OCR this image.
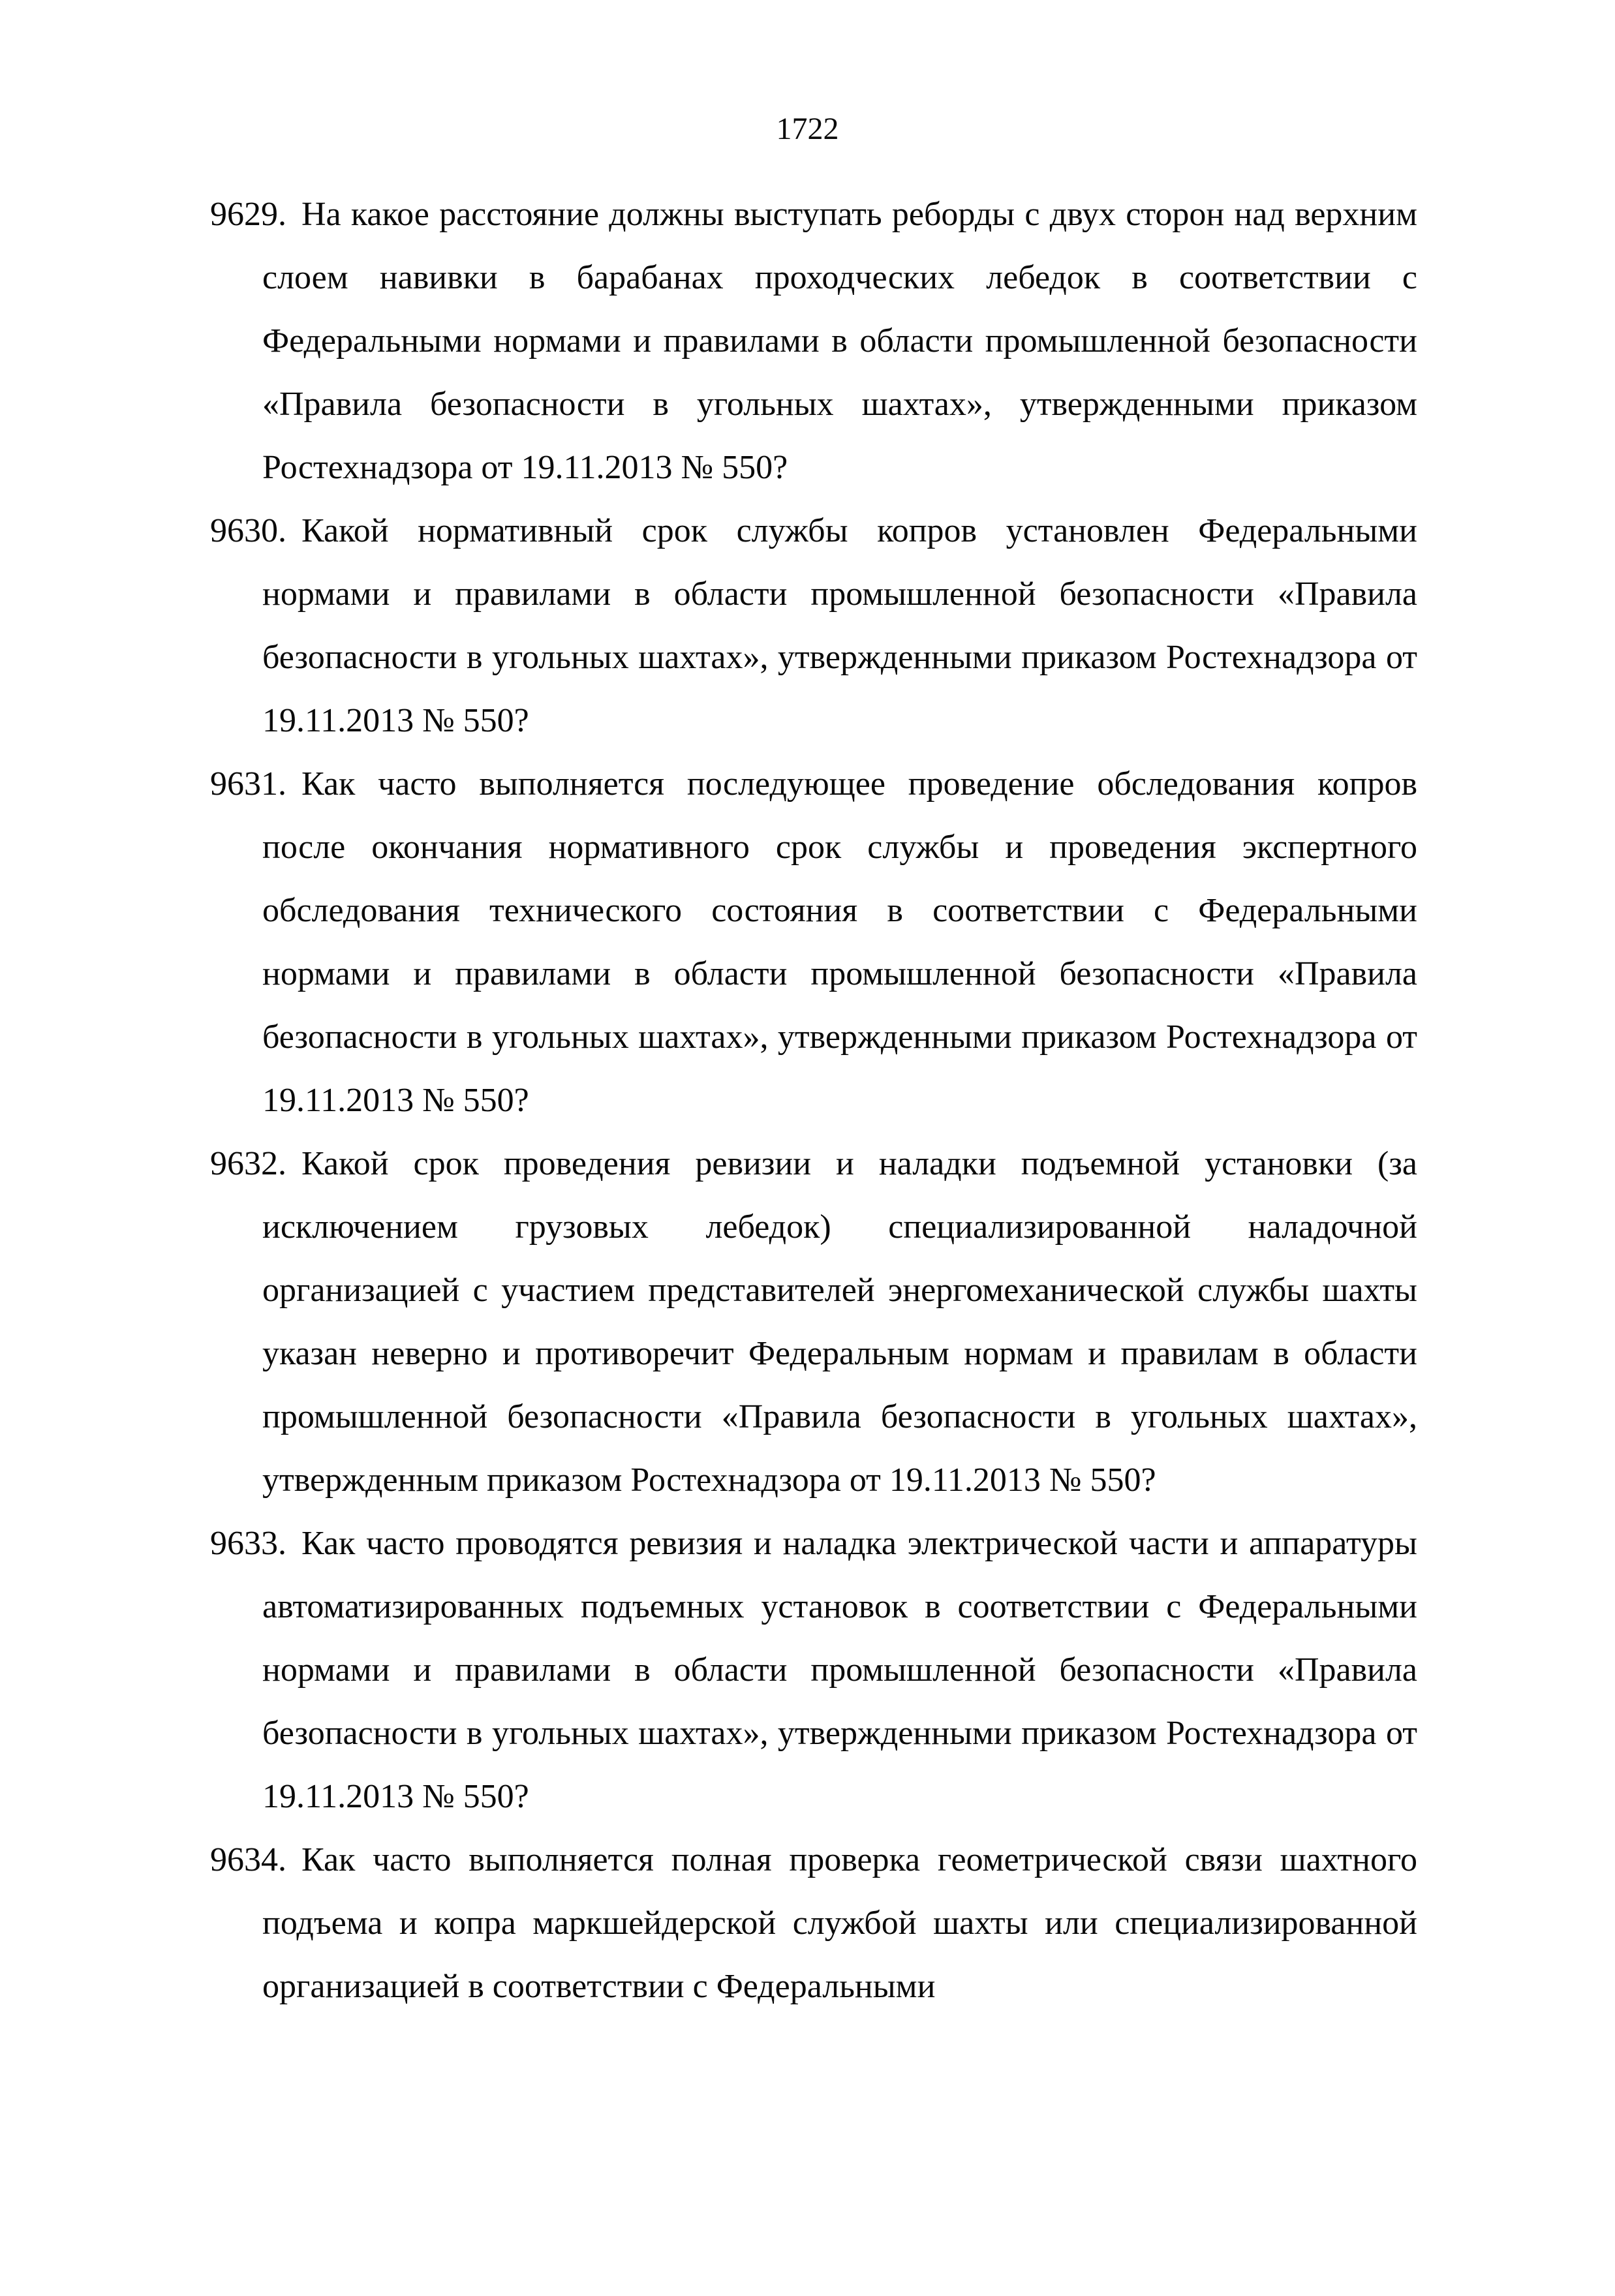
1722
9629. На какое расстояние должны выступать реборды с двух сторон над верхним слоем навивки в барабанах проходческих лебедок в соответствии с Федеральными нормами и правилами в области промышленной безопасности «Правила безопасности в угольных шахтах», утвержденными приказом Ростехнадзора от 19.11.2013 № 550?
9630. Какой нормативный срок службы копров установлен Федеральными нормами и правилами в области промышленной безопасности «Правила безопасности в угольных шахтах», утвержденными приказом Ростехнадзора от 19.11.2013 № 550?
9631. Как часто выполняется последующее проведение обследования копров после окончания нормативного срок службы и проведения экспертного обследования технического состояния в соответствии с Федеральными нормами и правилами в области промышленной безопасности «Правила безопасности в угольных шахтах», утвержденными приказом Ростехнадзора от 19.11.2013 № 550?
9632. Какой срок проведения ревизии и наладки подъемной установки (за исключением грузовых лебедок) специализированной наладочной организацией с участием представителей энергомеханической службы шахты указан неверно и противоречит Федеральным нормам и правилам в области промышленной безопасности «Правила безопасности в угольных шахтах», утвержденным приказом Ростехнадзора от 19.11.2013 № 550?
9633. Как часто проводятся ревизия и наладка электрической части и аппаратуры автоматизированных подъемных установок в соответствии с Федеральными нормами и правилами в области промышленной безопасности «Правила безопасности в угольных шахтах», утвержденными приказом Ростехнадзора от 19.11.2013 № 550?
9634. Как часто выполняется полная проверка геометрической связи шахтного подъема и копра маркшейдерской службой шахты или специализированной организацией в соответствии с Федеральными
